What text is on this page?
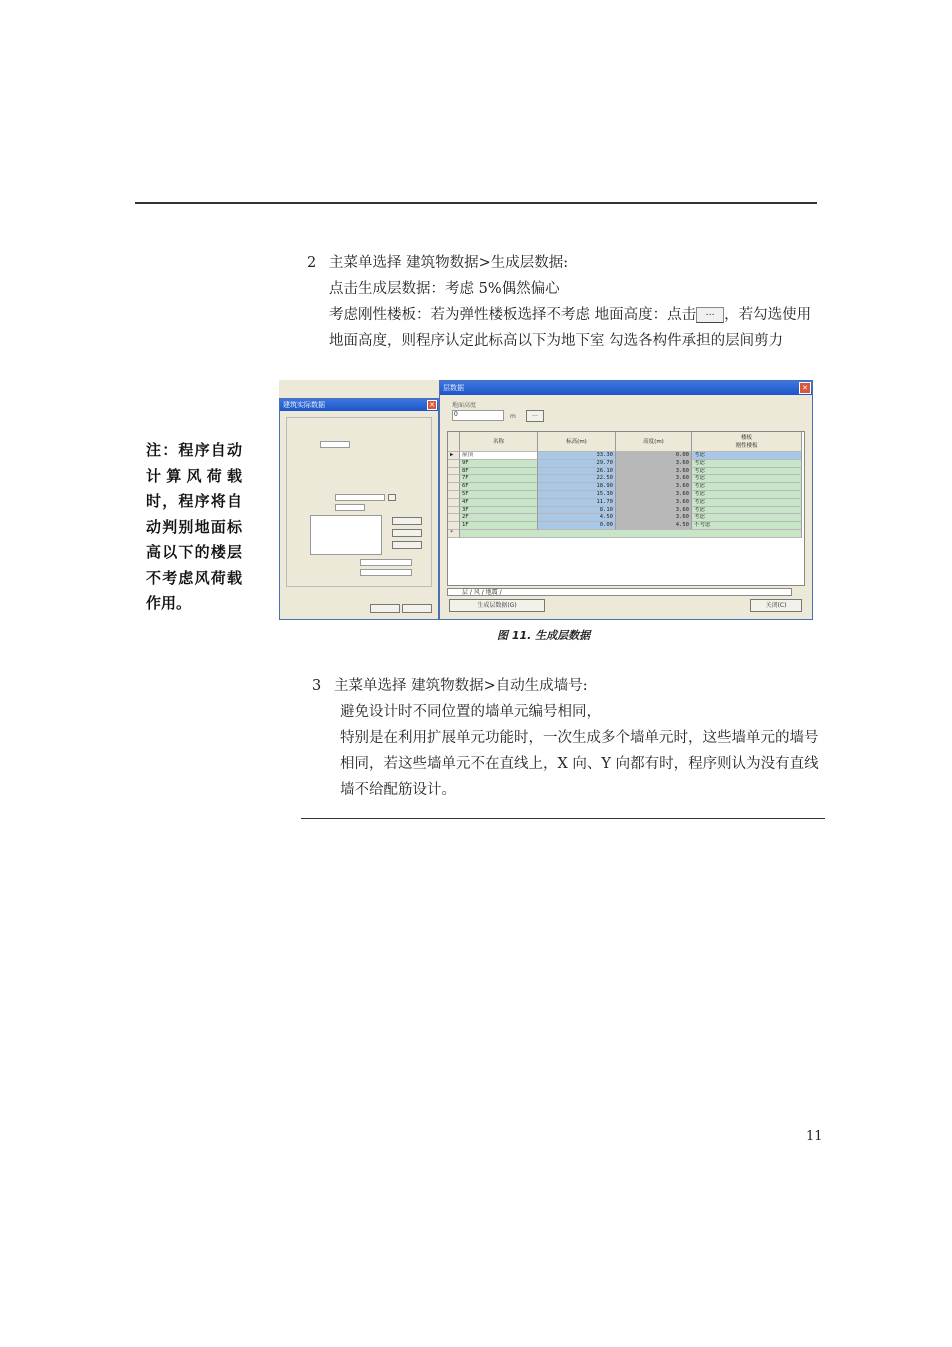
2 主菜单选择 建筑物数据>生成层数据:
点击生成层数据：考虑 5%偶然偏心
考虑刚性楼板：若为弹性楼板选择不考虑 地面高度：点击 … ，若勾选使用
地面高度，则程序认定此标高以下为地下室 勾选各构件承担的层间剪力
注：程序自动计算风荷载时，程序将自动判别地面标高以下的楼层不考虑风荷载作用。
建筑实际数据	✕
层数据	✕
地面高度
0	m	...
名称	标高(m)	高度(m)
楼板
刚性楼板
▶	屋顶	33.30	0.00 考虑
9F	29.70	3.60 考虑
8F	26.10	3.60 考虑
7F	22.50	3.60 考虑
6F	18.90	3.60 考虑
5F	15.30	3.60 考虑
4F	11.70	3.60 考虑
3F	8.10	3.60 考虑
2F	4.50	3.60 考虑
1F	0.00	4.50 不考虑
*
层 / 风 / 地震 /
生成层数据(G)	关闭(C)
图 11. 生成层数据
3 主菜单选择 建筑物数据>自动生成墙号:
避免设计时不同位置的墙单元编号相同，
特别是在利用扩展单元功能时，一次生成多个墙单元时，这些墙单元的墙号
相同，若这些墙单元不在直线上，X 向、Y 向都有时，程序则认为没有直线
墙不给配筋设计。
11
